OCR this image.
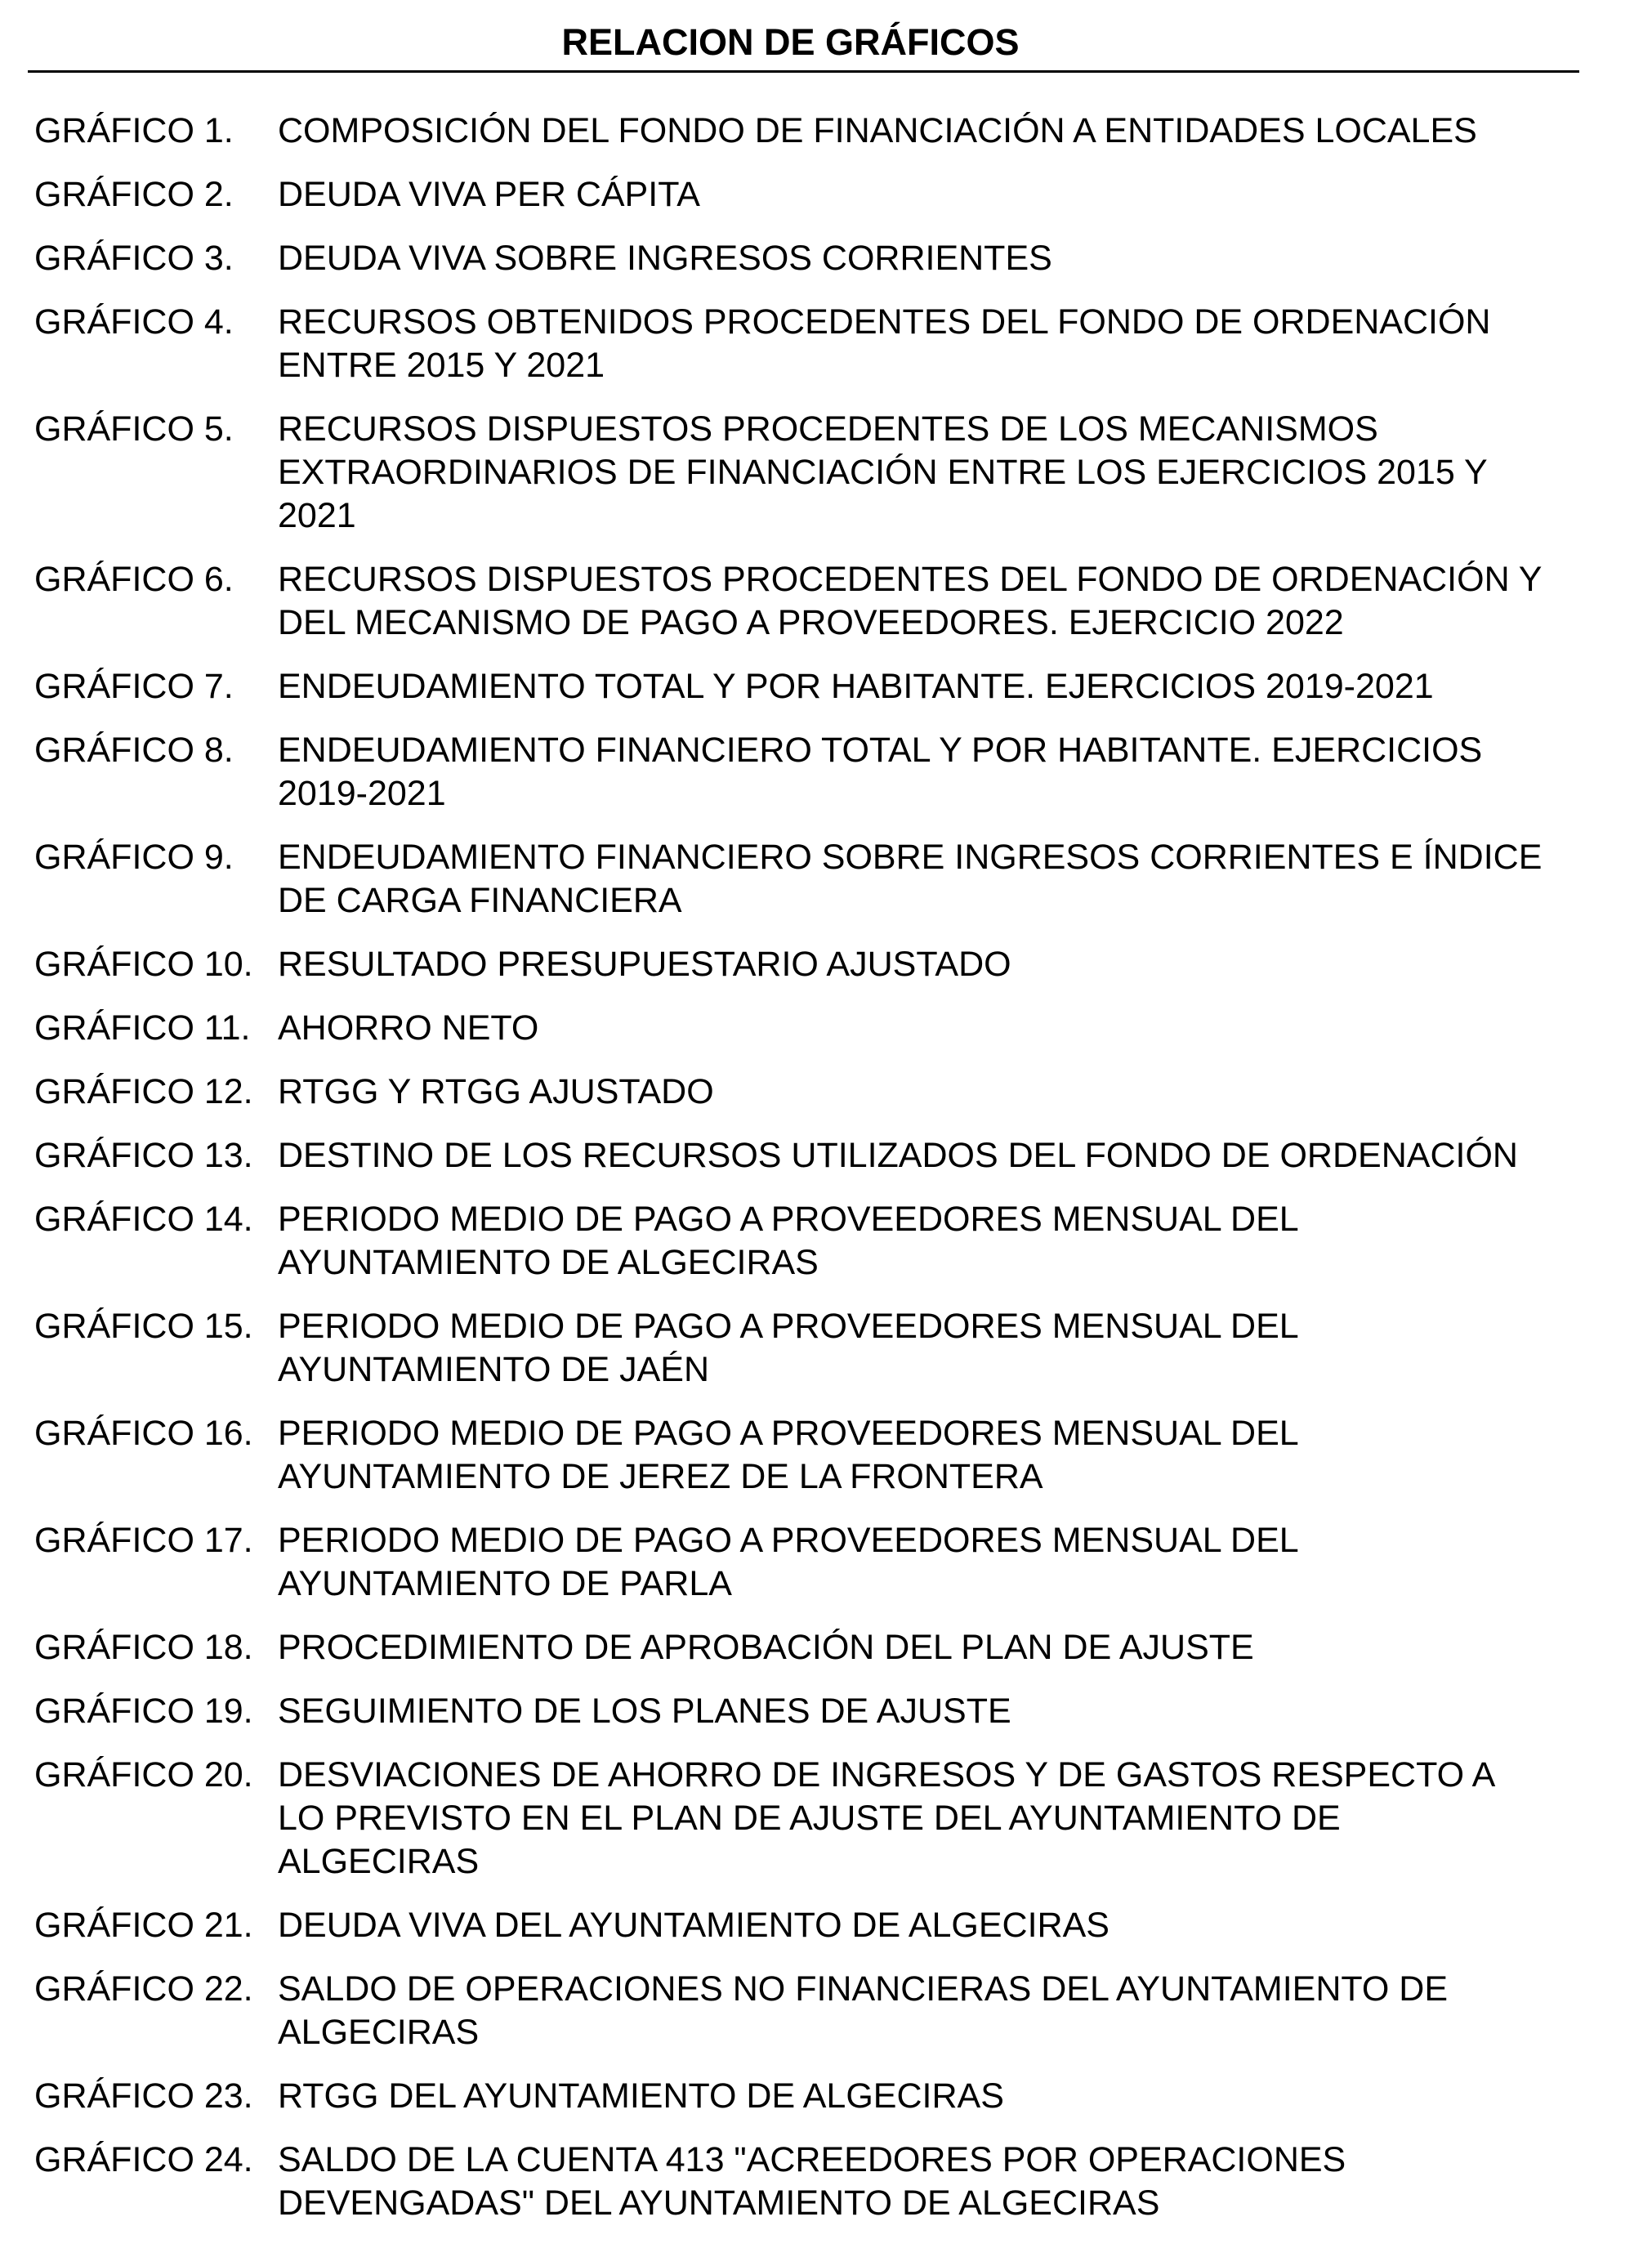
RELACION DE GRÁFICOS
GRÁFICO 1.	COMPOSICIÓN DEL FONDO DE FINANCIACIÓN A ENTIDADES LOCALES
GRÁFICO 2.	DEUDA VIVA PER CÁPITA
GRÁFICO 3.	DEUDA VIVA SOBRE INGRESOS CORRIENTES
GRÁFICO 4.	RECURSOS OBTENIDOS PROCEDENTES DEL FONDO DE ORDENACIÓN
ENTRE 2015 Y 2021
GRÁFICO 5.	RECURSOS DISPUESTOS PROCEDENTES DE LOS MECANISMOS
EXTRAORDINARIOS DE FINANCIACIÓN ENTRE LOS EJERCICIOS 2015 Y
2021
GRÁFICO 6.	RECURSOS DISPUESTOS PROCEDENTES DEL FONDO DE ORDENACIÓN Y
DEL MECANISMO DE PAGO A PROVEEDORES. EJERCICIO 2022
GRÁFICO 7.	ENDEUDAMIENTO TOTAL Y POR HABITANTE. EJERCICIOS 2019-2021
GRÁFICO 8.	ENDEUDAMIENTO FINANCIERO TOTAL Y POR HABITANTE. EJERCICIOS
2019-2021
GRÁFICO 9.	ENDEUDAMIENTO FINANCIERO SOBRE INGRESOS CORRIENTES E ÍNDICE
DE CARGA FINANCIERA
GRÁFICO 10. RESULTADO PRESUPUESTARIO AJUSTADO
GRÁFICO 11. AHORRO NETO
GRÁFICO 12. RTGG Y RTGG AJUSTADO
GRÁFICO 13. DESTINO DE LOS RECURSOS UTILIZADOS DEL FONDO DE ORDENACIÓN
GRÁFICO 14. PERIODO MEDIO DE PAGO A PROVEEDORES MENSUAL DEL
AYUNTAMIENTO DE ALGECIRAS
GRÁFICO 15. PERIODO MEDIO DE PAGO A PROVEEDORES MENSUAL DEL
AYUNTAMIENTO DE JAÉN
GRÁFICO 16. PERIODO MEDIO DE PAGO A PROVEEDORES MENSUAL DEL
AYUNTAMIENTO DE JEREZ DE LA FRONTERA
GRÁFICO 17. PERIODO MEDIO DE PAGO A PROVEEDORES MENSUAL DEL
AYUNTAMIENTO DE PARLA
GRÁFICO 18. PROCEDIMIENTO DE APROBACIÓN DEL PLAN DE AJUSTE
GRÁFICO 19. SEGUIMIENTO DE LOS PLANES DE AJUSTE
GRÁFICO 20. DESVIACIONES DE AHORRO DE INGRESOS Y DE GASTOS RESPECTO A
LO PREVISTO EN EL PLAN DE AJUSTE DEL AYUNTAMIENTO DE
ALGECIRAS
GRÁFICO 21. DEUDA VIVA DEL AYUNTAMIENTO DE ALGECIRAS
GRÁFICO 22. SALDO DE OPERACIONES NO FINANCIERAS DEL AYUNTAMIENTO DE
ALGECIRAS
GRÁFICO 23. RTGG DEL AYUNTAMIENTO DE ALGECIRAS
GRÁFICO 24. SALDO DE LA CUENTA 413 "ACREEDORES POR OPERACIONES
DEVENGADAS" DEL AYUNTAMIENTO DE ALGECIRAS
